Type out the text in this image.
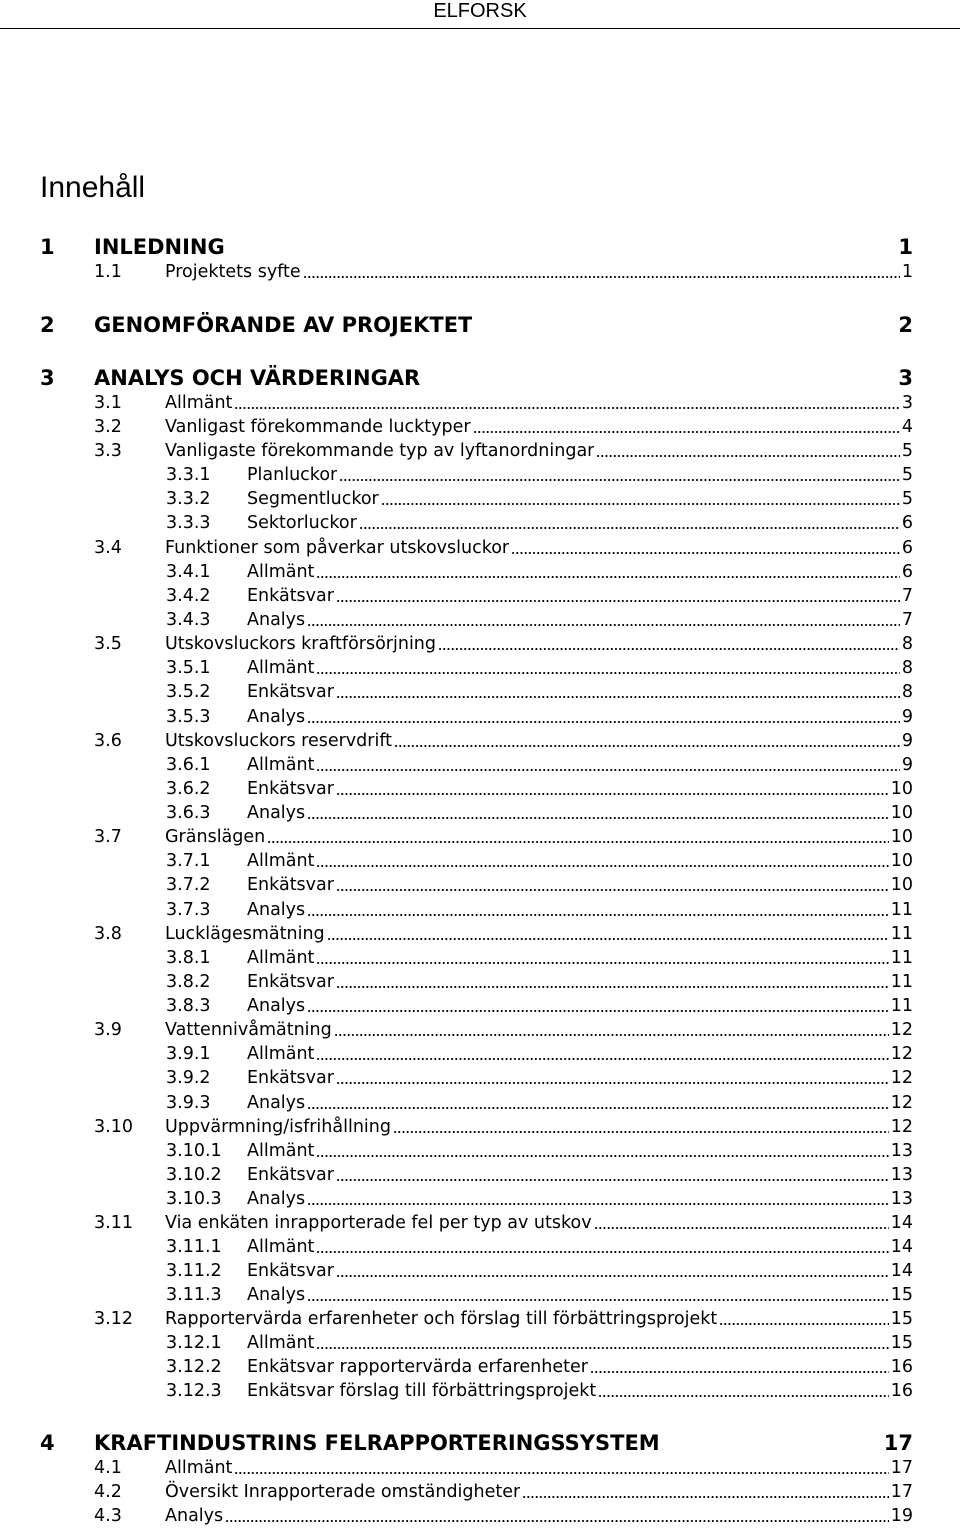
ELFORSK
Innehåll
1	INLEDNING	1
1.1	Projektets syfte	1
2	GENOMFÖRANDE AV PROJEKTET	2
3	ANALYS OCH VÄRDERINGAR	3
3.1	Allmänt	3
3.2	Vanligast förekommande lucktyper	4
3.3	Vanligaste förekommande typ av lyftanordningar	5
3.3.1	Planluckor	5
3.3.2	Segmentluckor	5
3.3.3	Sektorluckor	6
3.4	Funktioner som påverkar utskovsluckor	6
3.4.1	Allmänt	6
3.4.2	Enkätsvar	7
3.4.3	Analys	7
3.5	Utskovsluckors kraftförsörjning	8
3.5.1	Allmänt	8
3.5.2	Enkätsvar	8
3.5.3	Analys	9
3.6	Utskovsluckors reservdrift	9
3.6.1	Allmänt	9
3.6.2	Enkätsvar	10
3.6.3	Analys	10
3.7	Gränslägen	10
3.7.1	Allmänt	10
3.7.2	Enkätsvar	10
3.7.3	Analys	11
3.8	Lucklägesmätning	11
3.8.1	Allmänt	11
3.8.2	Enkätsvar	11
3.8.3	Analys	11
3.9	Vattennivåmätning	12
3.9.1	Allmänt	12
3.9.2	Enkätsvar	12
3.9.3	Analys	12
3.10	Uppvärmning/isfrihållning	12
3.10.1	Allmänt	13
3.10.2	Enkätsvar	13
3.10.3	Analys	13
3.11	Via enkäten inrapporterade fel per typ av utskov	14
3.11.1	Allmänt	14
3.11.2	Enkätsvar	14
3.11.3	Analys	15
3.12	Rapportervärda erfarenheter och förslag till förbättringsprojekt	15
3.12.1	Allmänt	15
3.12.2	Enkätsvar rapportervärda erfarenheter	16
3.12.3	Enkätsvar förslag till förbättringsprojekt	16
4	KRAFTINDUSTRINS FELRAPPORTERINGSSYSTEM	17
4.1	Allmänt	17
4.2	Översikt Inrapporterade omständigheter	17
4.3	Analys	19
